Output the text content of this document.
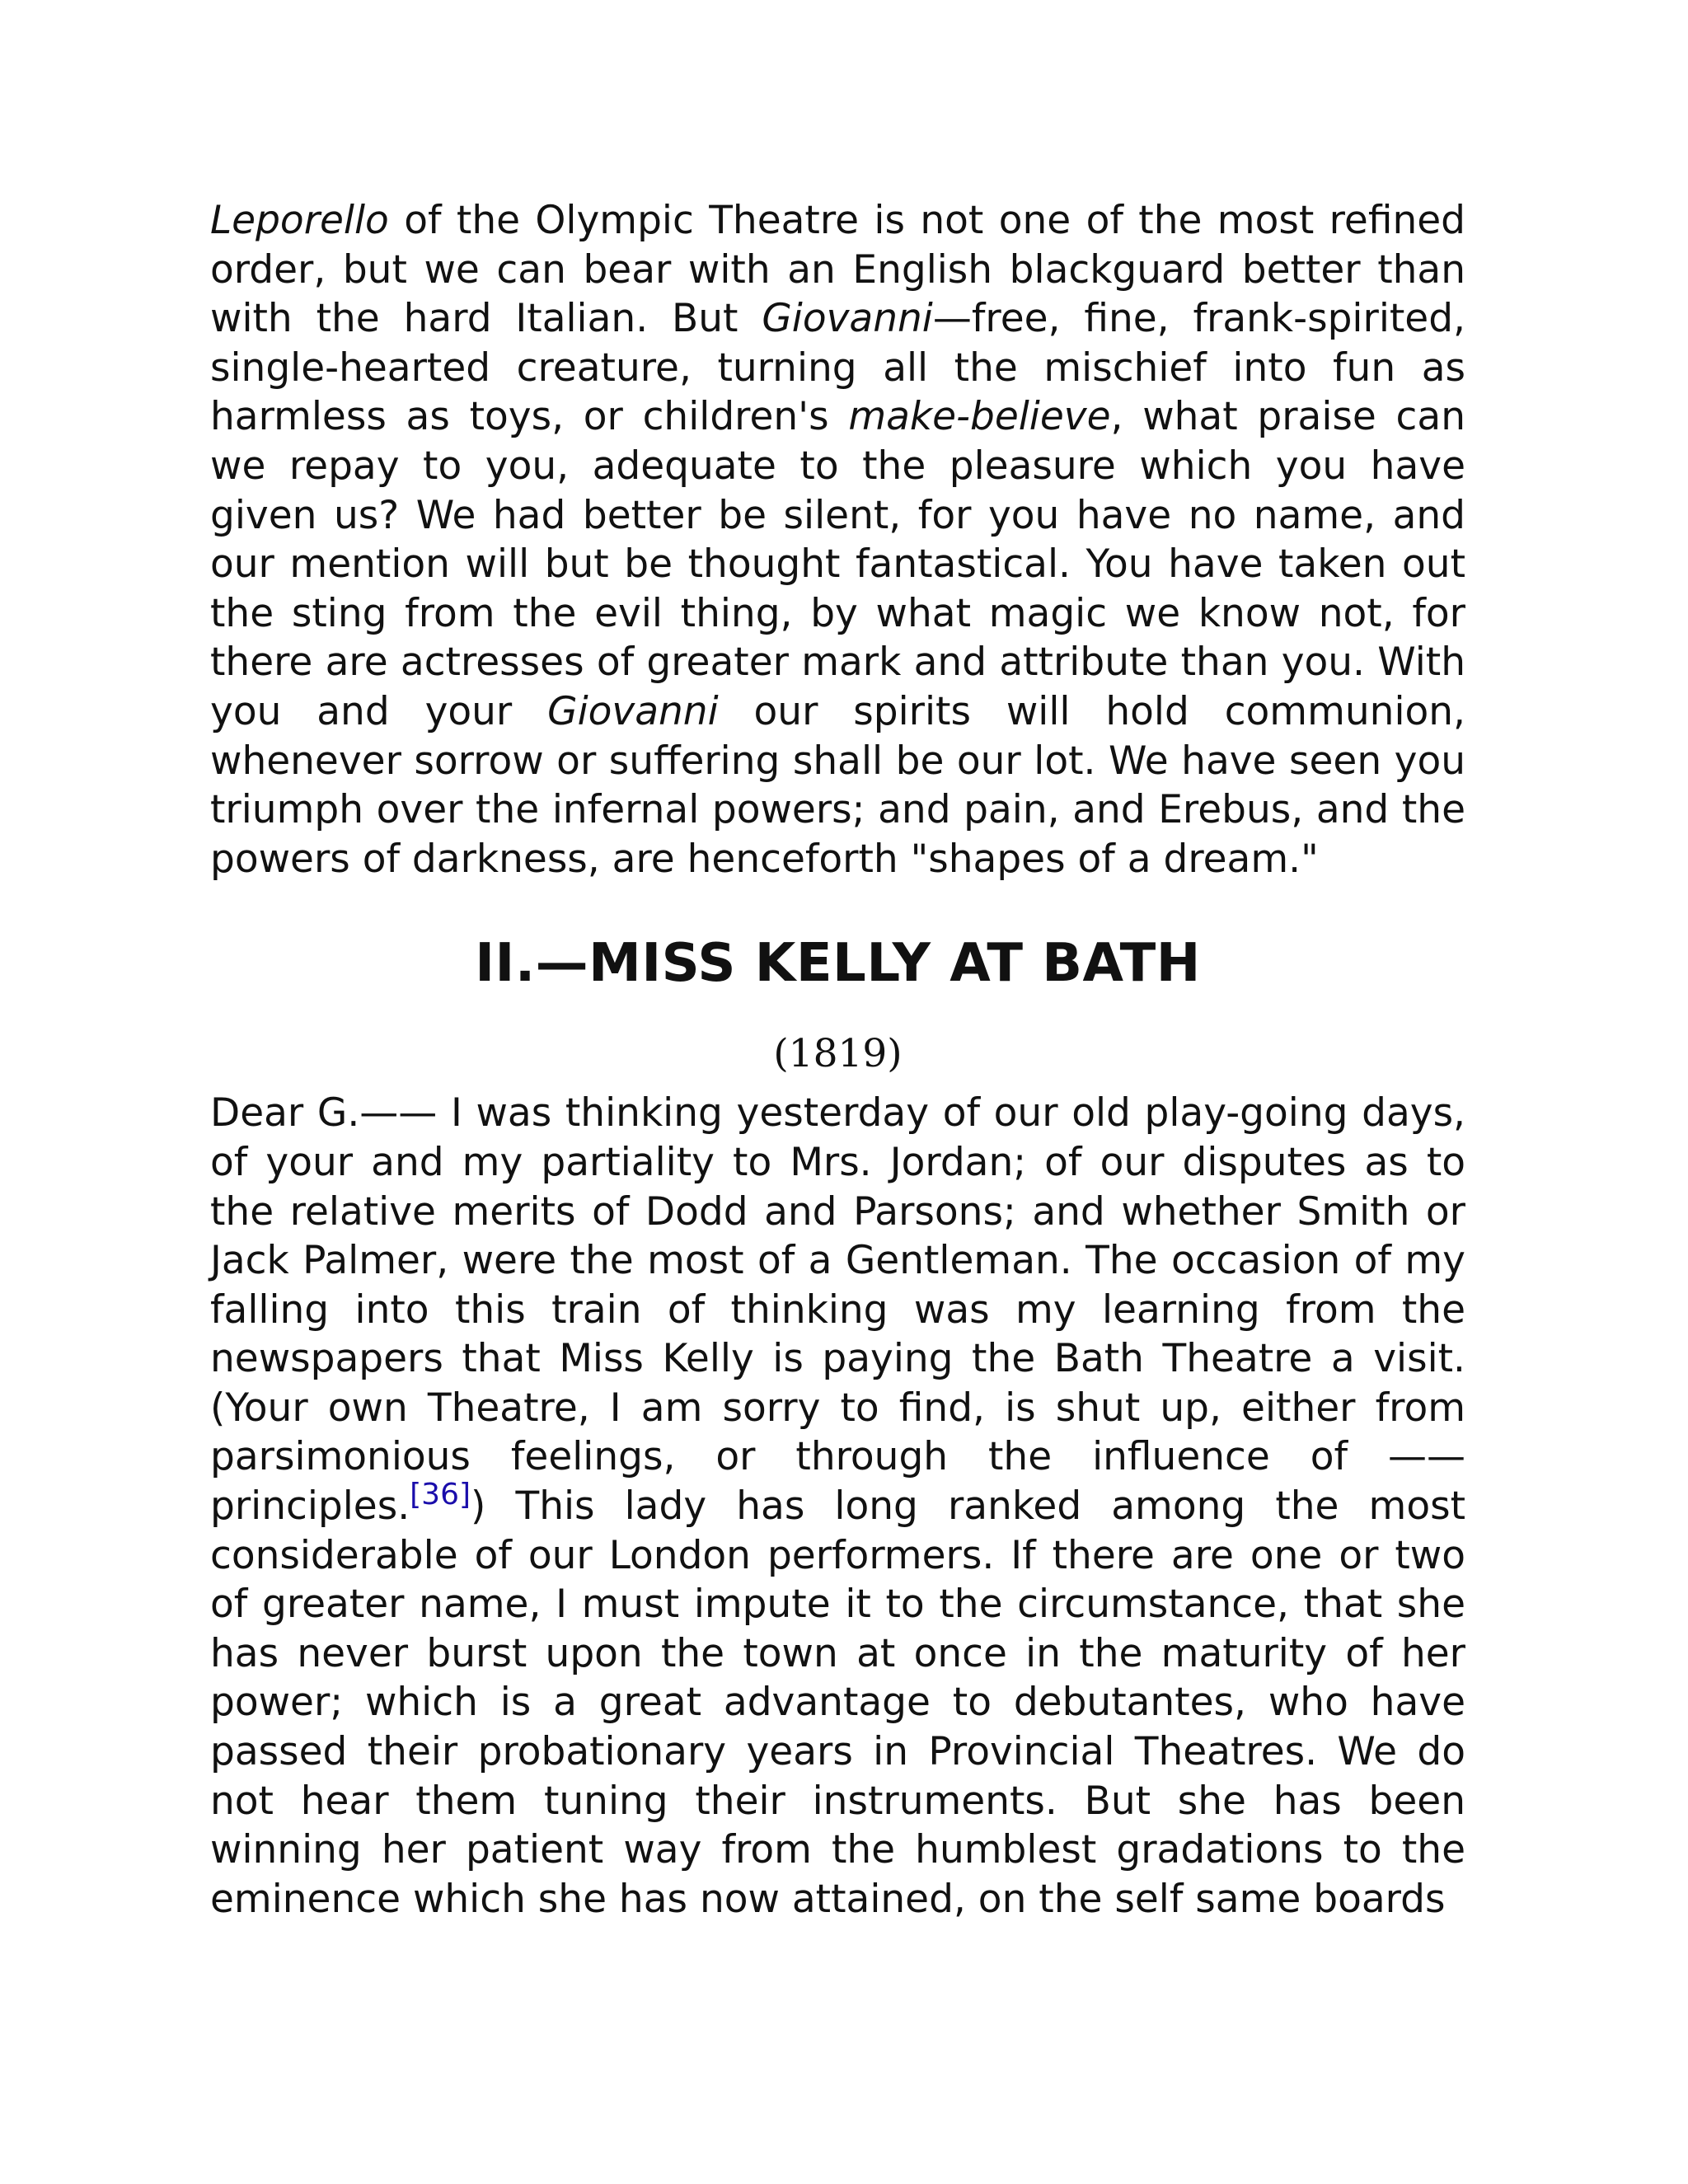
Leporello of the Olympic Theatre is not one of the most refined order, but we can bear with an English blackguard better than with the hard Italian. But Giovanni—free, fine, frank-spirited, single-hearted creature, turning all the mischief into fun as harmless as toys, or children's make-believe, what praise can we repay to you, adequate to the pleasure which you have given us? We had better be silent, for you have no name, and our mention will but be thought fantastical. You have taken out the sting from the evil thing, by what magic we know not, for there are actresses of greater mark and attribute than you. With you and your Giovanni our spirits will hold communion, whenever sorrow or suffering shall be our lot. We have seen you triumph over the infernal powers; and pain, and Erebus, and the powers of darkness, are henceforth "shapes of a dream."

II.—MISS KELLY AT BATH
(1819)

Dear G.—— I was thinking yesterday of our old play-going days, of your and my partiality to Mrs. Jordan; of our disputes as to the relative merits of Dodd and Parsons; and whether Smith or Jack Palmer, were the most of a Gentleman. The occasion of my falling into this train of thinking was my learning from the newspapers that Miss Kelly is paying the Bath Theatre a visit. (Your own Theatre, I am sorry to find, is shut up, either from parsimonious feelings, or through the influence of —— principles.[36]) This lady has long ranked among the most considerable of our London performers. If there are one or two of greater name, I must impute it to the circumstance, that she has never burst upon the town at once in the maturity of her power; which is a great advantage to debutantes, who have passed their probationary years in Provincial Theatres. We do not hear them tuning their instruments. But she has been winning her patient way from the humblest gradations to the eminence which she has now attained, on the self same boards
